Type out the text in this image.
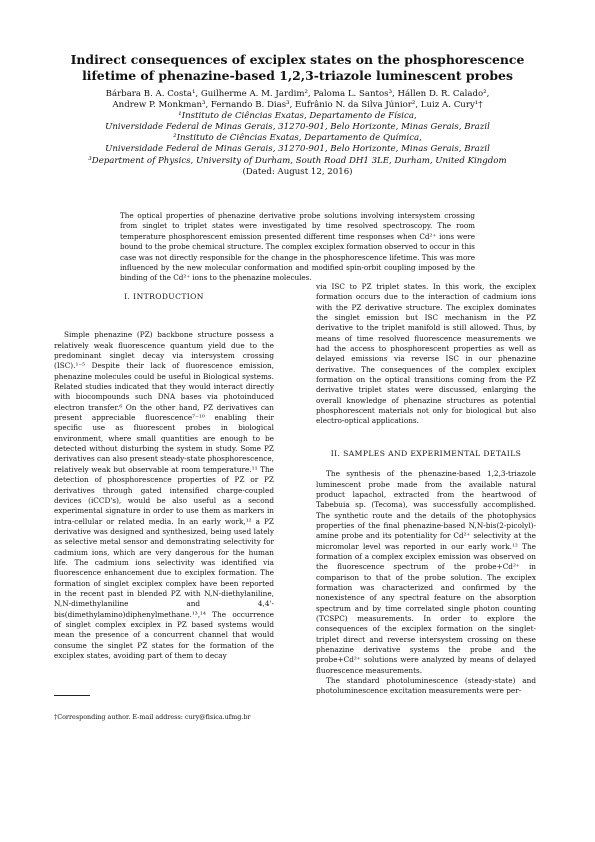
Indirect consequences of exciplex states on the phosphorescence lifetime of phenazine-based 1,2,3-triazole luminescent probes
Bárbara B. A. Costa¹, Guilherme A. M. Jardim², Paloma L. Santos³, Hállen D. R. Calado²,
Andrew P. Monkman³, Fernando B. Dias³, Eufrânio N. da Silva Júnior², Luiz A. Cury¹†
¹Instituto de Ciências Exatas, Departamento de Física,
Universidade Federal de Minas Gerais, 31270-901, Belo Horizonte, Minas Gerais, Brazil
²Instituto de Ciências Exatas, Departamento de Química,
Universidade Federal de Minas Gerais, 31270-901, Belo Horizonte, Minas Gerais, Brazil
³Department of Physics, University of Durham, South Road DH1 3LE, Durham, United Kingdom
(Dated: August 12, 2016)
The optical properties of phenazine derivative probe solutions involving intersystem crossing from singlet to triplet states were investigated by time resolved spectroscopy. The room temperature phosphorescent emission presented different time responses when Cd²⁺ ions were bound to the probe chemical structure. The complex exciplex formation observed to occur in this case was not directly responsible for the change in the phosphorescence lifetime. This was more influenced by the new molecular conformation and modified spin-orbit coupling imposed by the binding of the Cd²⁺ ions to the phenazine molecules.
I. INTRODUCTION

Simple phenazine (PZ) backbone structure possess a relatively weak fluorescence quantum yield due to the predominant singlet decay via intersystem crossing (ISC).¹⁻⁵ Despite their lack of fluorescence emission, phenazine molecules could be useful in Biological systems. Related studies indicated that they would interact directly with biocompounds such DNA bases via photoinduced electron transfer.⁶ On the other hand, PZ derivatives can present appreciable fluorescence⁷⁻¹⁰ enabling their specific use as fluorescent probes in biological environment, where small quantities are enough to be detected without disturbing the system in study. Some PZ derivatives can also present steady-state phosphorescence, relatively weak but observable at room temperature.¹¹ The detection of phosphorescence properties of PZ or PZ derivatives through gated intensified charge-coupled devices (iCCD's), would be also useful as a second experimental signature in order to use them as markers in intra-cellular or related media. In an early work,¹² a PZ derivative was designed and synthesized, being used lately as selective metal sensor and demonstrating selectivity for cadmium ions, which are very dangerous for the human life. The cadmium ions selectivity was identified via fluorescence enhancement due to exciplex formation. The formation of singlet exciplex complex have been reported in the recent past in blended PZ with N,N-diethylaniline, N,N-dimethylaniline and 4,4'-bis(dimethylamino)diphenylmethane.¹³,¹⁴ The occurrence of singlet complex exciplex in PZ based systems would mean the presence of a concurrent channel that would consume the singlet PZ states for the formation of the exciplex states, avoiding part of them to decay

via ISC to PZ triplet states. In this work, the exciplex formation occurs due to the interaction of cadmium ions with the PZ derivative structure. The exciplex dominates the singlet emission but ISC mechanism in the PZ derivative to the triplet manifold is still allowed. Thus, by means of time resolved fluorescence measurements we had the access to phosphorescent properties as well as delayed emissions via reverse ISC in our phenazine derivative. The consequences of the complex exciplex formation on the optical transitions coming from the PZ derivative triplet states were discussed, enlarging the overall knowledge of phenazine structures as potential phosphorescent materials not only for biological but also electro-optical applications.

II. SAMPLES AND EXPERIMENTAL DETAILS

The synthesis of the phenazine-based 1,2,3-triazole luminescent probe made from the available natural product lapachol, extracted from the heartwood of Tabebuia sp. (Tecoma), was successfully accomplished. The synthetic route and the details of the photophysics properties of the final phenazine-based N,N-bis(2-picolyl)-amine probe and its potentiality for Cd²⁺ selectivity at the micromolar level was reported in our early work.¹² The formation of a complex exciplex emission was observed on the fluorescence spectrum of the probe+Cd²⁺ in comparison to that of the probe solution. The exciplex formation was characterized and confirmed by the nonexistence of any spectral feature on the absorption spectrum and by time correlated single photon counting (TCSPC) measurements. In order to explore the consequences of the exciplex formation on the singlet-triplet direct and reverse intersystem crossing on these phenazine derivative systems the probe and the probe+Cd²⁺ solutions were analyzed by means of delayed fluorescence measurements.

The standard photoluminescence (steady-state) and photoluminescence excitation measurements were per-

†Corresponding author. E-mail address: cury@fisica.ufmg.br
